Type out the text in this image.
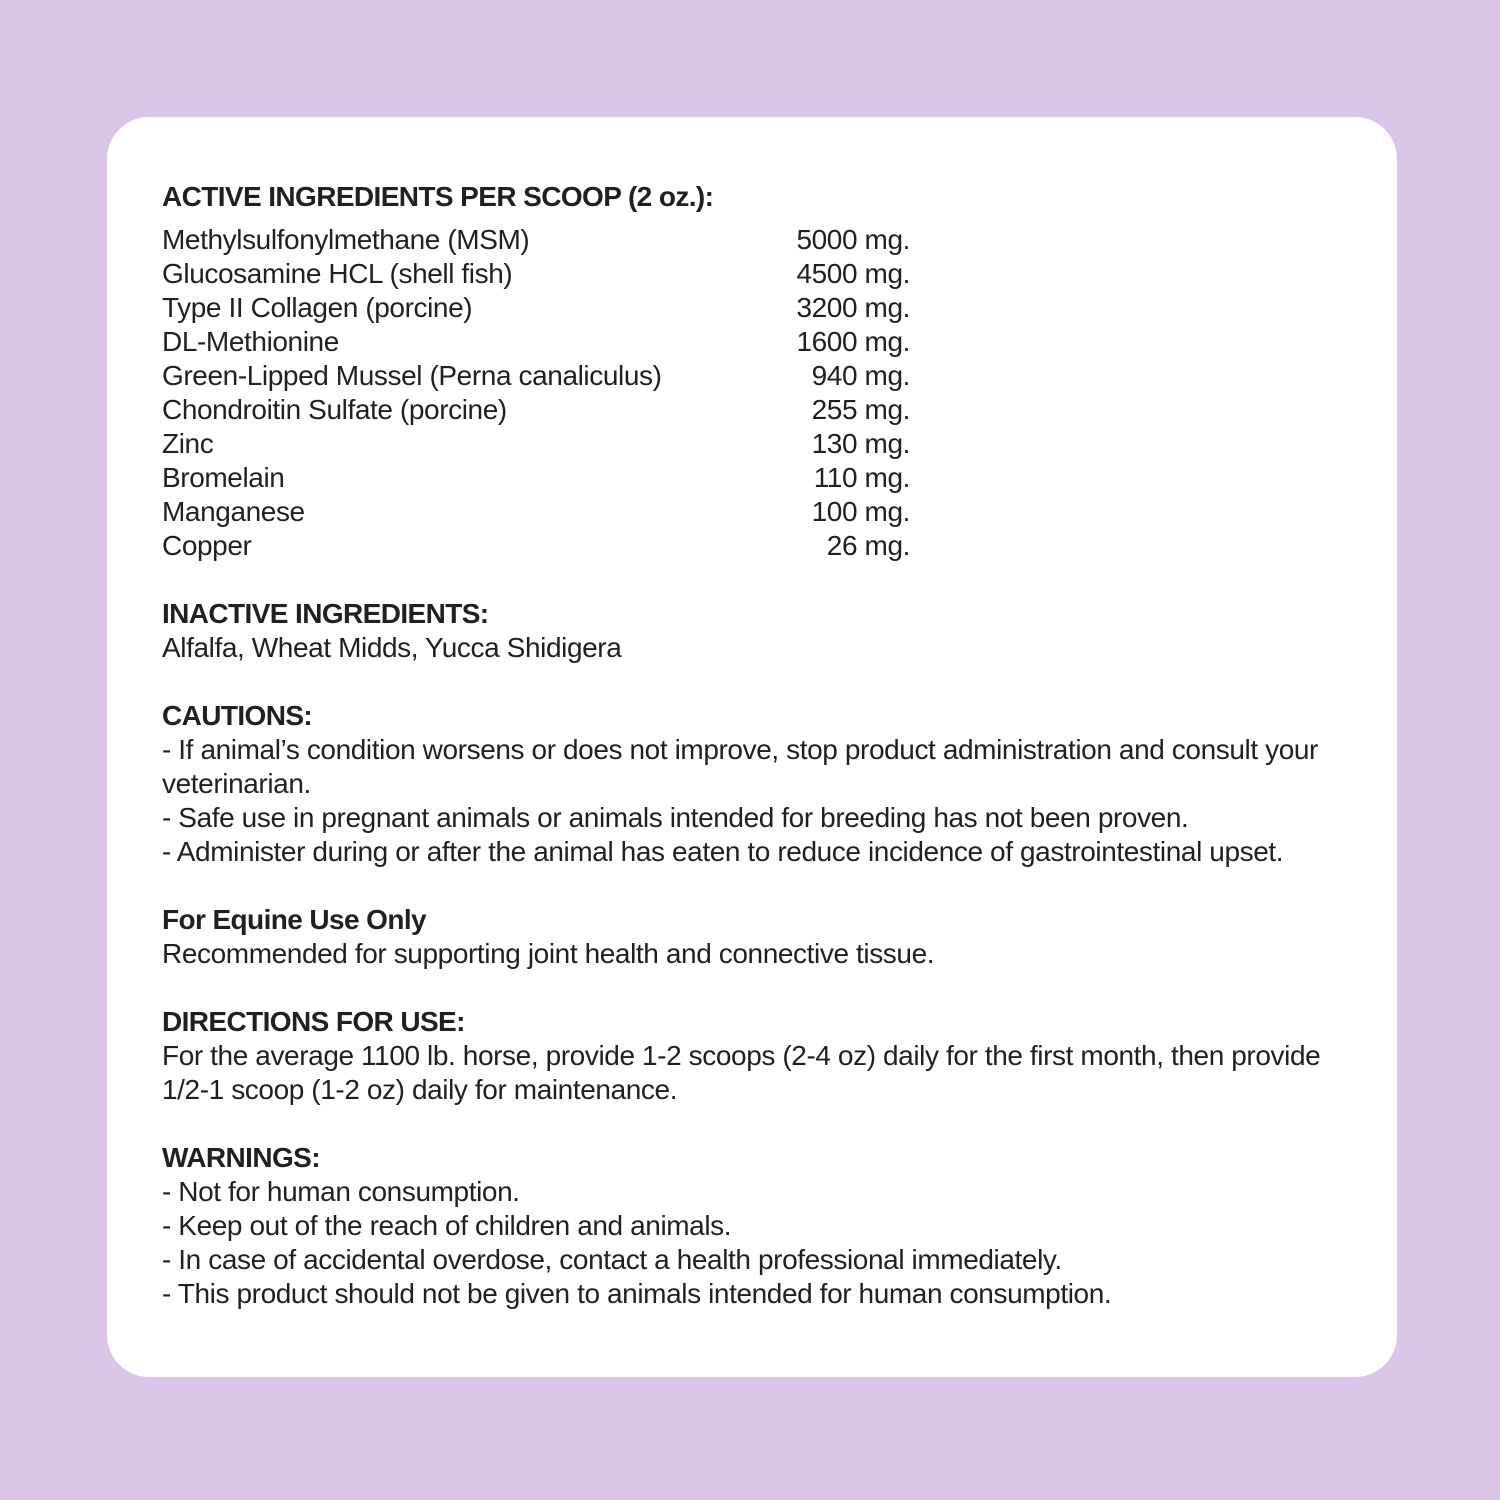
ACTIVE INGREDIENTS PER SCOOP (2 oz.):
Methylsulfonylmethane (MSM)	5000 mg.
Glucosamine HCL (shell fish)	4500 mg.
Type II Collagen (porcine)	3200 mg.
DL-Methionine	1600 mg.
Green-Lipped Mussel (Perna canaliculus)	940 mg.
Chondroitin Sulfate (porcine)	255 mg.
Zinc	130 mg.
Bromelain	110 mg.
Manganese	100 mg.
Copper	26 mg.
INACTIVE INGREDIENTS:
Alfalfa, Wheat Midds, Yucca Shidigera
CAUTIONS:
- If animal’s condition worsens or does not improve, stop product administration and consult your
veterinarian.
- Safe use in pregnant animals or animals intended for breeding has not been proven.
- Administer during or after the animal has eaten to reduce incidence of gastrointestinal upset.
For Equine Use Only
Recommended for supporting joint health and connective tissue.
DIRECTIONS FOR USE:
For the average 1100 lb. horse, provide 1-2 scoops (2-4 oz) daily for the first month, then provide
1/2-1 scoop (1-2 oz) daily for maintenance.
WARNINGS:
- Not for human consumption.
- Keep out of the reach of children and animals.
- In case of accidental overdose, contact a health professional immediately.
- This product should not be given to animals intended for human consumption.
